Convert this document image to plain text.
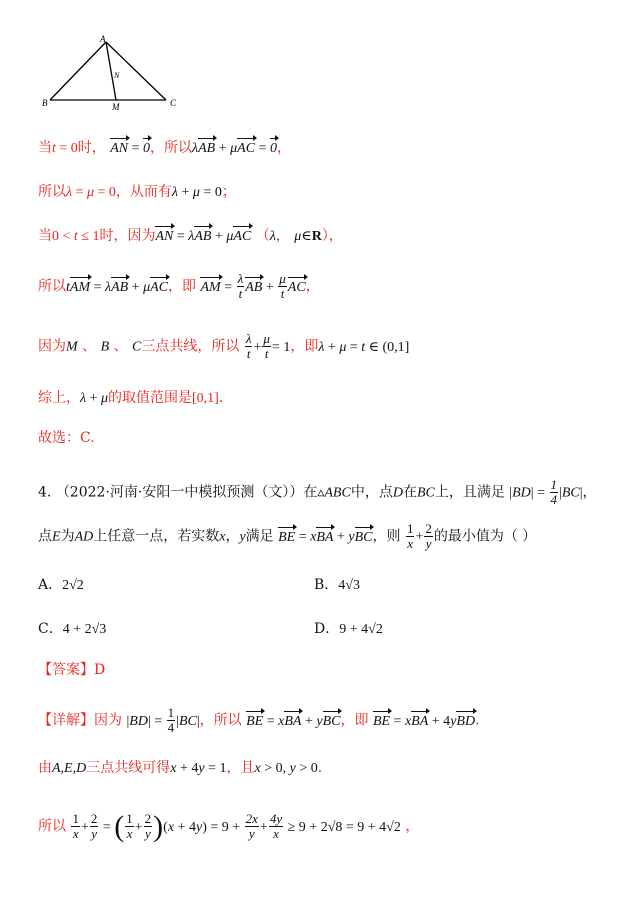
A
B	C
M
N
当t = 0时， AN = 0，所以λAB + μAC = 0，
所以λ = μ = 0，从而有λ + μ = 0；
当0 < t ≤ 1时，因为AN = λAB + μAC （λ， μ∈R），
所以tAM = λAB + μAC，即 AM = $\frac{\lambda}{t}$ AB + $\frac{\mu}{t}$ AC，
因为M 、 B 、 C三点共线，所以 $\frac{\lambda}{t} + \frac{\mu}{t} = 1$，即λ + μ = t ∈ (0,1]
综上，λ + μ的取值范围是[0,1].
故选：C.
4. （2022·河南·安阳一中模拟预测（文））在▵ABC中，点D在BC上，且满足 $|BD| = \frac{1}{4} |BC|$，
点E为AD上任意一点，若实数x，y满足 BE = xBA + yBC，则 $\frac{1}{x} + \frac{2}{y}$ 的最小值为（ ）
A．2√2	B．4√3
C．4 + 2√3	D．9 + 4√2
【答案】D
【详解】因为 $|BD| = \frac{1}{4} |BC|$，所以 BE = xBA + yBC，即 BE = xBA + 4yBD.
由A,E,D三点共线可得x + 4y = 1，且x > 0, y > 0.
所以 $\frac{1}{x} + \frac{2}{y}$ = ( $\frac{1}{x} + \frac{2}{y} )(x + 4y) = 9 + \frac{2x}{y} + \frac{4y}{x} \ge 9 + 2√8 = 9 + 4√2$ ，
